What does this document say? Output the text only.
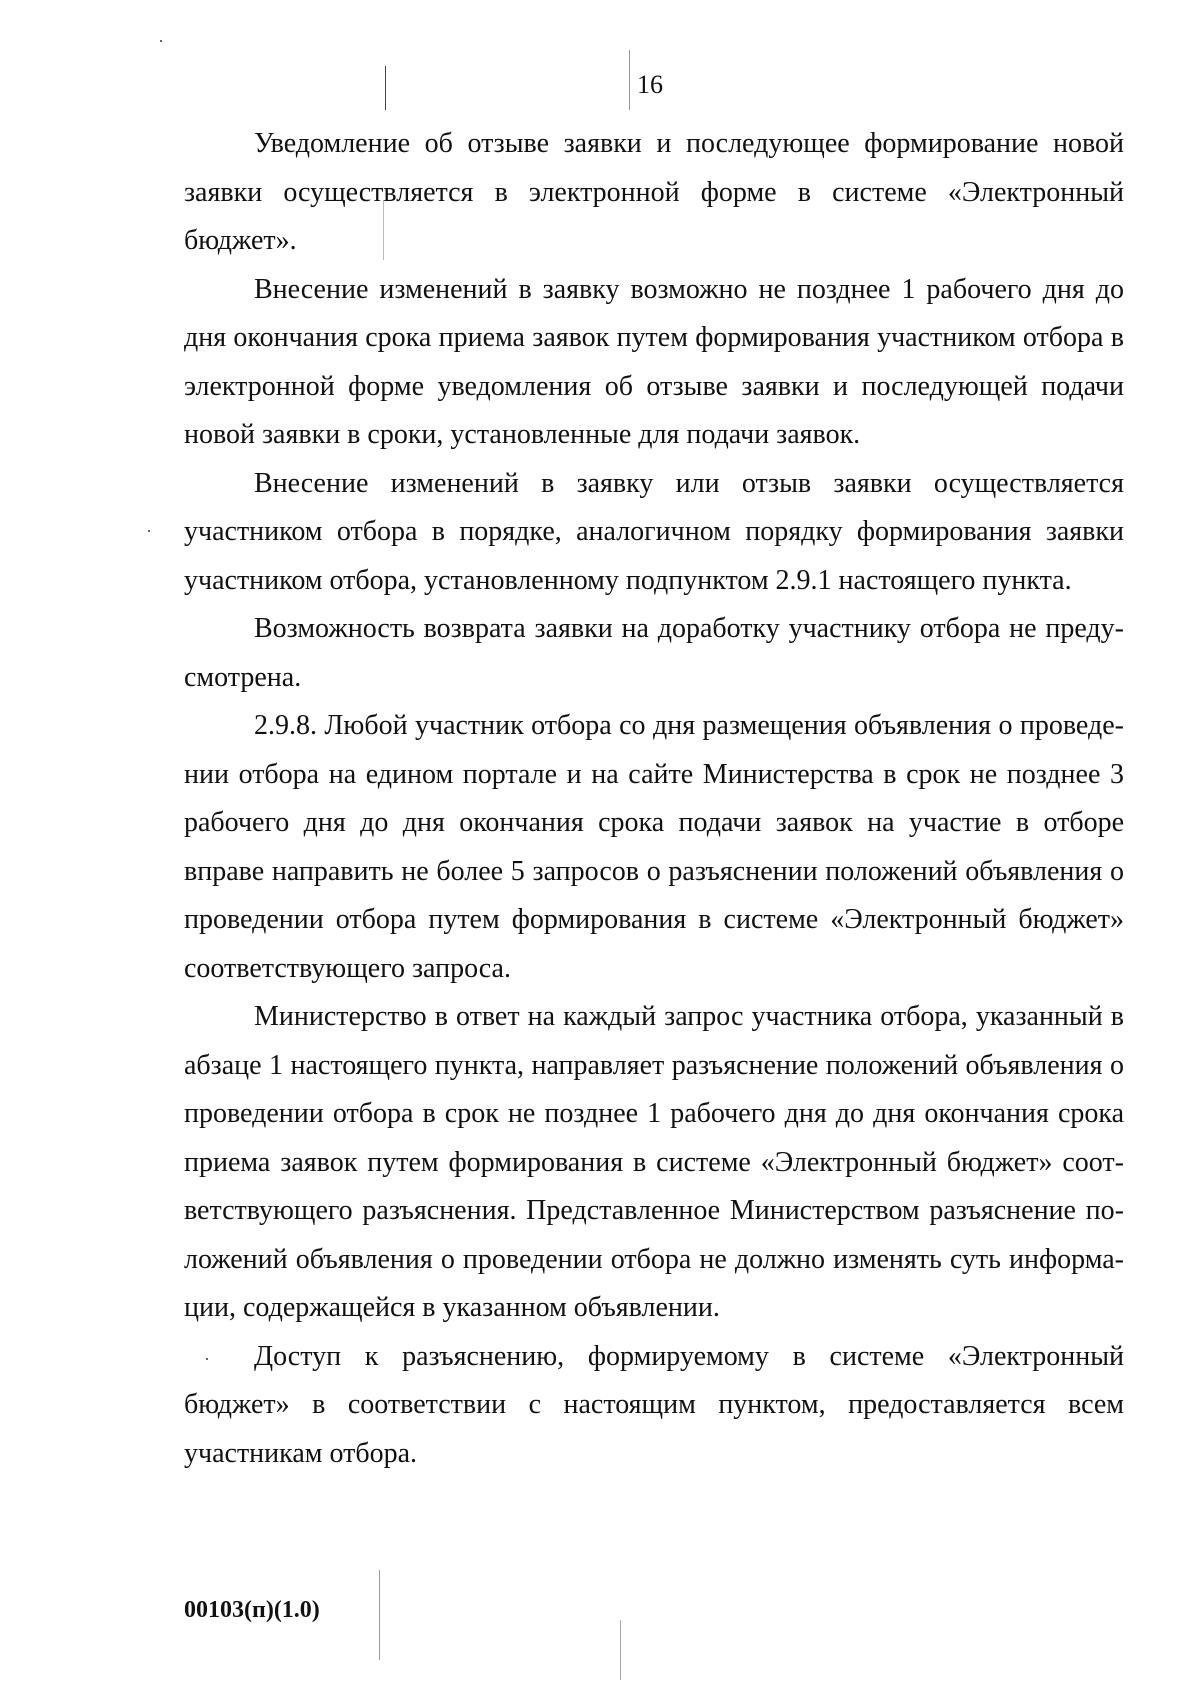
16

Уведомление об отзыве заявки и последующее формирование новой заявки осуществляется в электронной форме в системе «Электронный бюджет».

Внесение изменений в заявку возможно не позднее 1 рабочего дня до дня окончания срока приема заявок путем формирования участником отбора в электронной форме уведомления об отзыве заявки и последующей подачи новой заявки в сроки, установленные для подачи заявок.

Внесение изменений в заявку или отзыв заявки осуществляется участником отбора в порядке, аналогичном порядку формирования заявки участником отбора, установленному подпунктом 2.9.1 настоящего пункта.

Возможность возврата заявки на доработку участнику отбора не предусмотрена.

2.9.8. Любой участник отбора со дня размещения объявления о проведении отбора на едином портале и на сайте Министерства в срок не позднее 3 рабочего дня до дня окончания срока подачи заявок на участие в отборе вправе направить не более 5 запросов о разъяснении положений объявления о проведении отбора путем формирования в системе «Электронный бюджет» соответствующего запроса.

Министерство в ответ на каждый запрос участника отбора, указанный в абзаце 1 настоящего пункта, направляет разъяснение положений объявления о проведении отбора в срок не позднее 1 рабочего дня до дня окончания срока приема заявок путем формирования в системе «Электронный бюджет» соответствующего разъяснения. Представленное Министерством разъяснение положений объявления о проведении отбора не должно изменять суть информации, содержащейся в указанном объявлении.

Доступ к разъяснению, формируемому в системе «Электронный бюджет» в соответствии с настоящим пунктом, предоставляется всем участникам отбора.

00103(п)(1.0)
